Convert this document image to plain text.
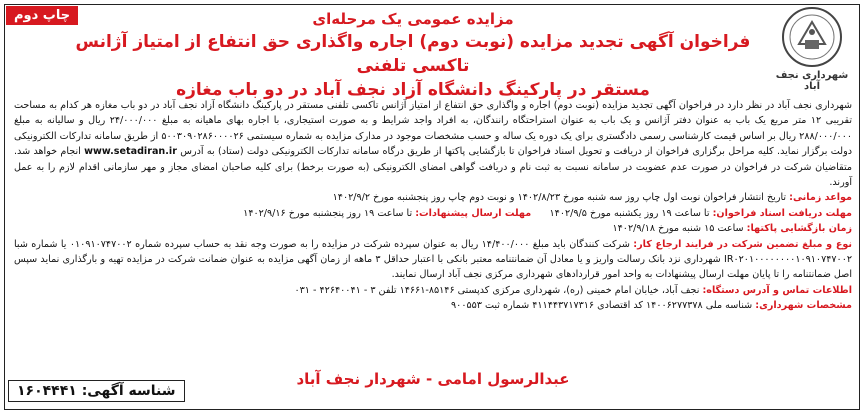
چاپ دوم
شهرداری نجف آباد
مزایده عمومی یک مرحله‌ای
فراخوان آگهی تجدید مزایده (نوبت دوم) اجاره واگذاری حق انتفاع از امتیاز آژانس تاکسی تلفنی
مستقر در پارکینگ دانشگاه آزاد نجف آباد در دو باب مغازه
شهرداری نجف آباد در نظر دارد در فراخوان آگهی تجدید مزایده (نوبت دوم) اجاره و واگذاری حق انتفاع از امتیاز آژانس تاکسی تلفنی مستقر در پارکینگ دانشگاه آزاد نجف آباد در دو باب مغازه هر کدام به مساحت تقریبی ۱۲ متر مربع یک باب به عنوان دفتر آژانس و یک باب به عنوان استراحتگاه رانندگان، به افراد واجد شرایط و به صورت استیجاری، با اجاره بهای ماهیانه به مبلغ ۲۴/۰۰۰/۰۰۰ ریال و سالیانه به مبلغ ۲۸۸/۰۰۰/۰۰۰ ریال بر اساس قیمت کارشناسی رسمی دادگستری برای یک دوره یک ساله و حسب مشخصات موجود در مدارک مزایده به شماره سیستمی ۵۰۰۳۰۹۰۲۸۶۰۰۰۰۲۶ از طریق سامانه تدارکات الکترونیکی دولت برگزار نماید. کلیه مراحل برگزاری فراخوان از دریافت و تحویل اسناد فراخوان تا بازگشایی پاکتها از طریق درگاه سامانه تدارکات الکترونیکی دولت (ستاد) به آدرس www.setadiran.ir انجام خواهد شد. متقاضیان شرکت در فراخوان در صورت عدم عضویت در سامانه نسبت به ثبت نام و دریافت گواهی امضای الکترونیکی (به صورت برخط) برای کلیه صاحبان امضای مجاز و مهر سازمانی اقدام لازم را به عمل آورند.
مواعد زمانی: تاریخ انتشار فراخوان نوبت اول چاپ روز سه شنبه مورخ ۱۴۰۲/۸/۲۳ و نوبت دوم چاپ روز پنجشنبه مورخ ۱۴۰۲/۹/۲
مهلت دریافت اسناد فراخوان: تا ساعت ۱۹ روز یکشنبه مورخ ۱۴۰۲/۹/۵      مهلت ارسال پیشنهادات: تا ساعت ۱۹ روز پنجشنبه مورخ ۱۴۰۲/۹/۱۶
زمان بازگشایی پاکتها: ساعت ۱۵ شنبه مورخ ۱۴۰۲/۹/۱۸
نوع و مبلغ تضمین شرکت در فرایند ارجاع کار: شرکت کنندگان باید مبلغ ۱۴/۴۰۰/۰۰۰ ریال به عنوان سپرده شرکت در مزایده را به صورت وجه نقد به حساب سپرده شماره ۰۱۰۹۱۰۷۴۷۰۰۲ یا شماره شبا IR۰۲۰۱۰۰۰۰۰۰۰۰۱۰۹۱۰۷۴۷۰۰۲ شهرداری نزد بانک رسالت واریز و یا معادل آن ضمانتنامه معتبر بانکی با اعتبار حداقل ۳ ماهه از زمان آگهی مزایده به عنوان ضمانت شرکت در مزایده تهیه و بارگذاری نماید سپس اصل ضمانتنامه را تا پایان مهلت ارسال پیشنهادات به واحد امور قراردادهای شهرداری مرکزی نجف آباد ارسال نمایند.
اطلاعات تماس و آدرس دستگاه: نجف آباد، خیابان امام خمینی (ره)، شهرداری مرکزی کدپستی ۸۵۱۴۶-۱۴۶۶۱ تلفن ۳ - ۴۲۶۴۰۰۴۱ - ۰۳۱
مشخصات شهرداری: شناسه ملی ۱۴۰۰۶۲۷۷۳۷۸ کد اقتصادی ۴۱۱۴۴۳۷۱۷۳۱۶ شماره ثبت ۹۰۰۵۵۳
عبدالرسول امامی - شهردار نجف آباد
شناسه آگهی: ۱۶۰۴۴۴۱
